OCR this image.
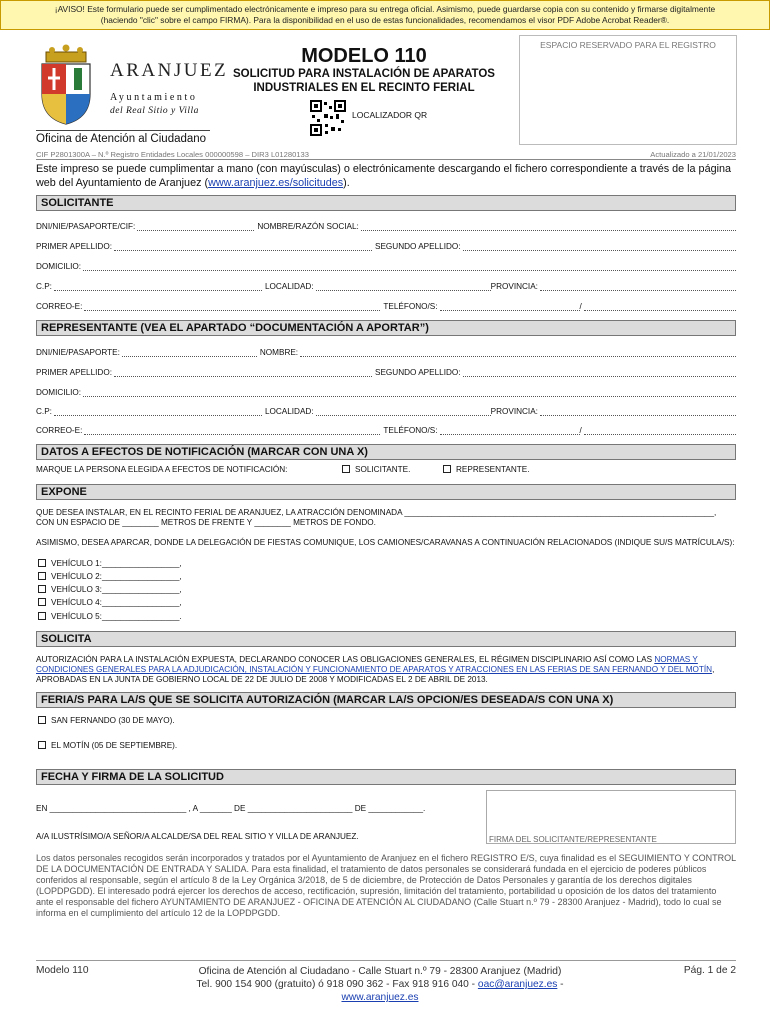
¡AVISO! Este formulario puede ser cumplimentado electrónicamente e impreso para su entrega oficial. Asimismo, puede guardarse copia con su contenido y firmarse digitalmente
(haciendo "clic" sobre el campo FIRMA). Para la disponibilidad en el uso de estas funcionalidades, recomendamos el visor PDF Adobe Acrobat Reader®.
ARANJUEZ
Ayuntamiento
del Real Sitio y Villa
Oficina de Atención al Ciudadano
MODELO 110
SOLICITUD PARA INSTALACIÓN DE APARATOS
INDUSTRIALES EN EL RECINTO FERIAL
LOCALIZADOR QR
ESPACIO RESERVADO PARA EL REGISTRO
CIF P2801300A – N.º Registro Entidades Locales 000000598 – DIR3 L01280133	Actualizado a 21/01/2023
Este impreso se puede cumplimentar a mano (con mayúsculas) o electrónicamente descargando el fichero correspondiente a través de la página web del Ayuntamiento de Aranjuez (www.aranjuez.es/solicitudes).
SOLICITANTE
DNI/NIE/PASAPORTE/CIF:	NOMBRE/RAZÓN SOCIAL:
PRIMER APELLIDO:	SEGUNDO APELLIDO:
DOMICILIO:
C.P:	LOCALIDAD:	PROVINCIA:
CORREO-E:	TELÉFONO/S:	/
REPRESENTANTE (VEA EL APARTADO “DOCUMENTACIÓN A APORTAR”)
DNI/NIE/PASAPORTE:	NOMBRE:
PRIMER APELLIDO:	SEGUNDO APELLIDO:
DOMICILIO:
C.P:	LOCALIDAD:	PROVINCIA:
CORREO-E:	TELÉFONO/S:	/
DATOS A EFECTOS DE NOTIFICACIÓN (MARCAR CON UNA X)
MARQUE LA PERSONA ELEGIDA A EFECTOS DE NOTIFICACIÓN:	SOLICITANTE.	REPRESENTANTE.
EXPONE
QUE DESEA INSTALAR, EN EL RECINTO FERIAL DE ARANJUEZ, LA ATRACCIÓN DENOMINADA ____________________________________________________________________,
CON UN ESPACIO DE ________ METROS DE FRENTE Y ________ METROS DE FONDO.
ASIMISMO, DESEA APARCAR, DONDE LA DELEGACIÓN DE FIESTAS COMUNIQUE, LOS CAMIONES/CARAVANAS A CONTINUACIÓN RELACIONADOS (INDIQUE SU/S MATRÍCULA/S):
VEHÍCULO 1:_________________,
VEHÍCULO 2:_________________,
VEHÍCULO 3:_________________,
VEHÍCULO 4:_________________,
VEHÍCULO 5:_________________.
SOLICITA
AUTORIZACIÓN PARA LA INSTALACIÓN EXPUESTA, DECLARANDO CONOCER LAS OBLIGACIONES GENERALES, EL RÉGIMEN DISCIPLINARIO ASÍ COMO LAS NORMAS Y CONDICIONES GENERALES PARA LA ADJUDICACIÓN, INSTALACIÓN Y FUNCIONAMIENTO DE APARATOS Y ATRACCIONES EN LAS FERIAS DE SAN FERNANDO Y DEL MOTÍN, APROBADAS EN LA JUNTA DE GOBIERNO LOCAL DE 22 DE JULIO DE 2008 Y MODIFICADAS EL 2 DE ABRIL DE 2013.
FERIA/S PARA LA/S QUE SE SOLICITA AUTORIZACIÓN (MARCAR LA/S OPCION/ES DESEADA/S CON UNA X)
SAN FERNANDO (30 DE MAYO).
EL MOTÍN (05 DE SEPTIEMBRE).
FECHA Y FIRMA DE LA SOLICITUD
EN ______________________________ , A _______ DE _______________________ DE ____________.
A/A ILUSTRÍSIMO/A SEÑOR/A ALCALDE/SA DEL REAL SITIO Y VILLA DE ARANJUEZ.	FIRMA DEL SOLICITANTE/REPRESENTANTE
Los datos personales recogidos serán incorporados y tratados por el Ayuntamiento de Aranjuez en el fichero REGISTRO E/S, cuya finalidad es el SEGUIMIENTO Y CONTROL DE LA DOCUMENTACIÓN DE ENTRADA Y SALIDA. Para esta finalidad, el tratamiento de datos personales se considerará fundada en el ejercicio de poderes públicos conferidos al responsable, según el artículo 8 de la Ley Orgánica 3/2018, de 5 de diciembre, de Protección de Datos Personales y garantía de los derechos digitales (LOPDPGDD). El interesado podrá ejercer los derechos de acceso, rectificación, supresión, limitación del tratamiento, portabilidad u oposición de los datos del tratamiento ante el responsable del fichero AYUNTAMIENTO DE ARANJUEZ - OFICINA DE ATENCIÓN AL CIUDADANO (Calle Stuart n.º 79 - 28300 Aranjuez - Madrid), todo lo cual se informa en el cumplimiento del artículo 12 de la LOPDPGDD.
Modelo 110	Oficina de Atención al Ciudadano - Calle Stuart n.º 79 - 28300 Aranjuez (Madrid)
Tel. 900 154 900 (gratuito) ó 918 090 362 - Fax 918 916 040 - oac@aranjuez.es - www.aranjuez.es
Pág. 1 de 2
